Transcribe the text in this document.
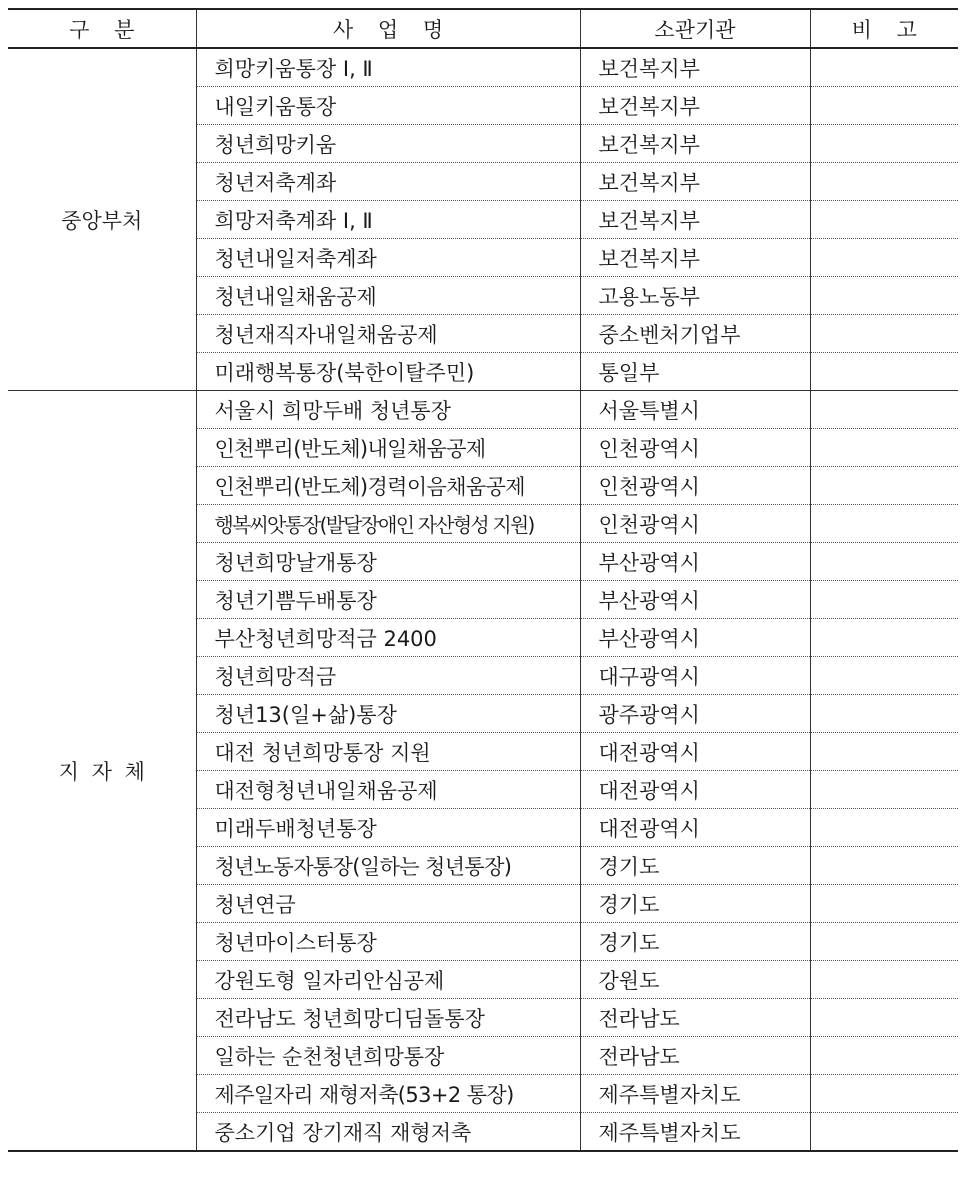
구 분	사 업 명	소관기관	비 고
중앙부처	희망키움통장 Ⅰ, Ⅱ	보건복지부	
	내일키움통장	보건복지부	
	청년희망키움	보건복지부	
	청년저축계좌	보건복지부	
	희망저축계좌 Ⅰ, Ⅱ	보건복지부	
	청년내일저축계좌	보건복지부	
	청년내일채움공제	고용노동부	
	청년재직자내일채움공제	중소벤처기업부	
	미래행복통장(북한이탈주민)	통일부	
지 자 체	서울시 희망두배 청년통장	서울특별시	
	인천뿌리(반도체)내일채움공제	인천광역시	
	인천뿌리(반도체)경력이음채움공제	인천광역시	
	행복씨앗통장(발달장애인 자산형성 지원)	인천광역시	
	청년희망날개통장	부산광역시	
	청년기쁨두배통장	부산광역시	
	부산청년희망적금 2400	부산광역시	
	청년희망적금	대구광역시	
	청년13(일+삶)통장	광주광역시	
	대전 청년희망통장 지원	대전광역시	
	대전형청년내일채움공제	대전광역시	
	미래두배청년통장	대전광역시	
	청년노동자통장(일하는 청년통장)	경기도	
	청년연금	경기도	
	청년마이스터통장	경기도	
	강원도형 일자리안심공제	강원도	
	전라남도 청년희망디딤돌통장	전라남도	
	일하는 순천청년희망통장	전라남도	
	제주일자리 재형저축(53+2 통장)	제주특별자치도	
	중소기업 장기재직 재형저축	제주특별자치도	
